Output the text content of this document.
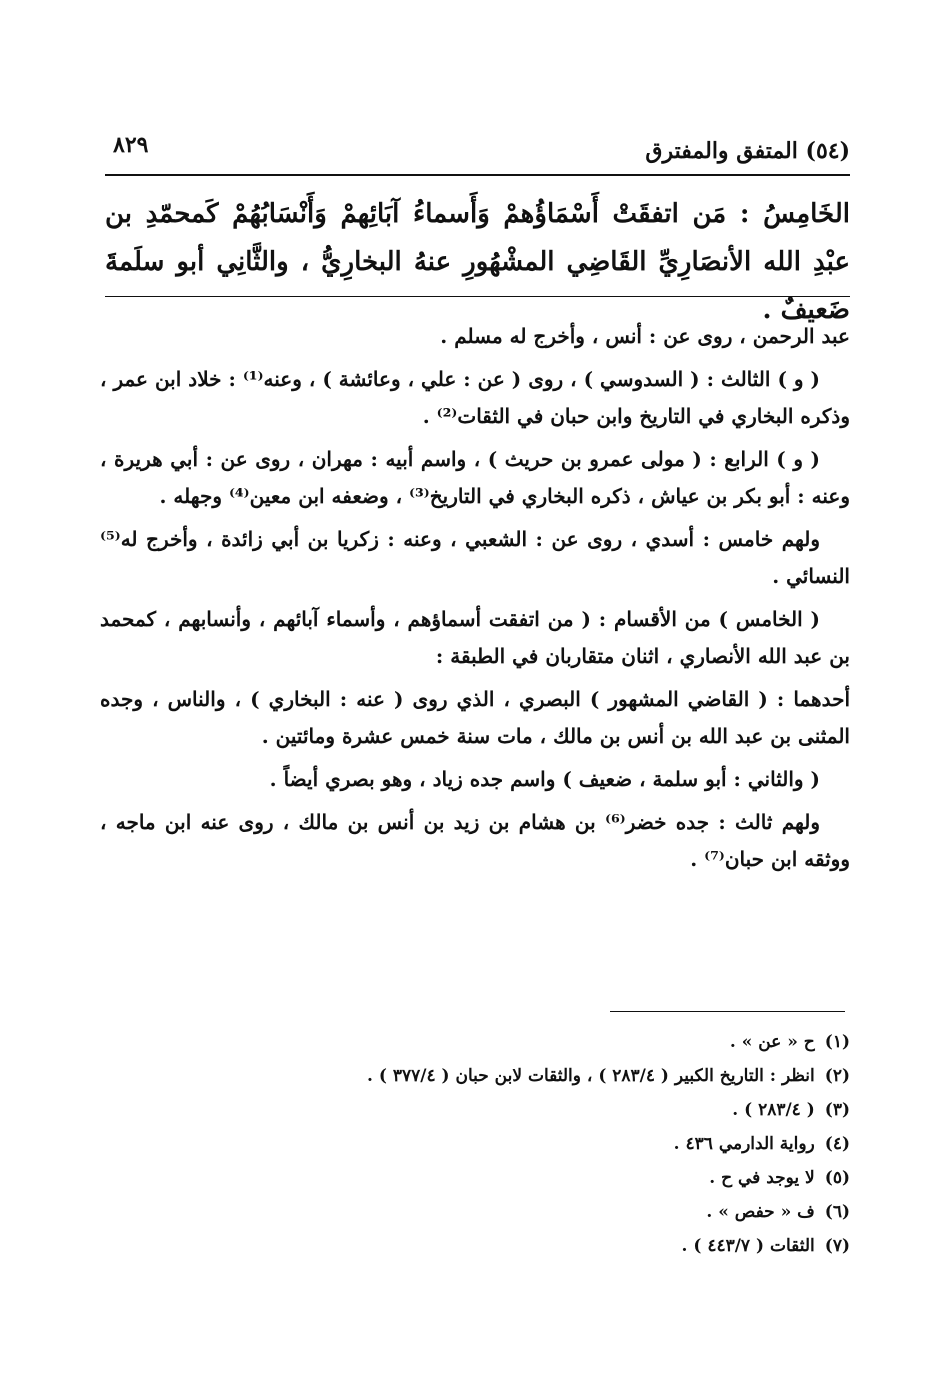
(٥٤) المتفق والمفترق
٨٢٩
الخَامِسُ : مَن اتفقَتْ أَسْمَاؤُهمْ وَأَسماءُ آبَائِهمْ وَأَنْسَابُهُمْ كَمحمّدِ بن عبْدِ الله الأنصَارِيِّ القَاضِي المشْهُورِ عنهُ البخارِيُّ ، والثَّانِي أبو سلَمةَ ضَعيفٌ .

عبد الرحمن ، روى عن : أنس ، وأخرج له مسلم .

( و ) الثالث : ( السدوسي ) ، روى ( عن : علي ، وعائشة ) ، وعنه⁽¹⁾ : خلاد ابن عمر ، وذكره البخاري في التاريخ وابن حبان في الثقات⁽²⁾ .

( و ) الرابع : ( مولى عمرو بن حريث ) ، واسم أبيه : مهران ، روى عن : أبي هريرة ، وعنه : أبو بكر بن عياش ، ذكره البخاري في التاريخ⁽³⁾ ، وضعفه ابن معين⁽⁴⁾ وجهله .

ولهم خامس : أسدي ، روى عن : الشعبي ، وعنه : زكريا بن أبي زائدة ، وأخرج له⁽⁵⁾ النسائي .

( الخامس ) من الأقسام : ( من اتفقت أسماؤهم ، وأسماء آبائهم ، وأنسابهم ، كمحمد بن عبد الله الأنصاري ، اثنان متقاربان في الطبقة :

أحدهما : ( القاضي المشهور ) البصري ، الذي روى ( عنه : البخاري ) ، والناس ، وجده المثنى بن عبد الله بن أنس بن مالك ، مات سنة خمس عشرة ومائتين .

( والثاني : أبو سلمة ، ضعيف ) واسم جده زياد ، وهو بصري أيضاً .

ولهم ثالث : جده خضر⁽⁶⁾ بن هشام بن زيد بن أنس بن مالك ، روى عنه ابن ماجه ، ووثقه ابن حبان⁽⁷⁾ .

(١)ح « عن » .
(٢)انظر : التاريخ الكبير ( ٢٨٣/٤ ) ، والثقات لابن حبان ( ٣٧٧/٤ ) .
(٣)( ٢٨٣/٤ ) .
(٤)رواية الدارمي ٤٣٦ .
(٥)لا يوجد في ح .
(٦)ف « حفص » .
(٧)الثقات ( ٤٤٣/٧ ) .
